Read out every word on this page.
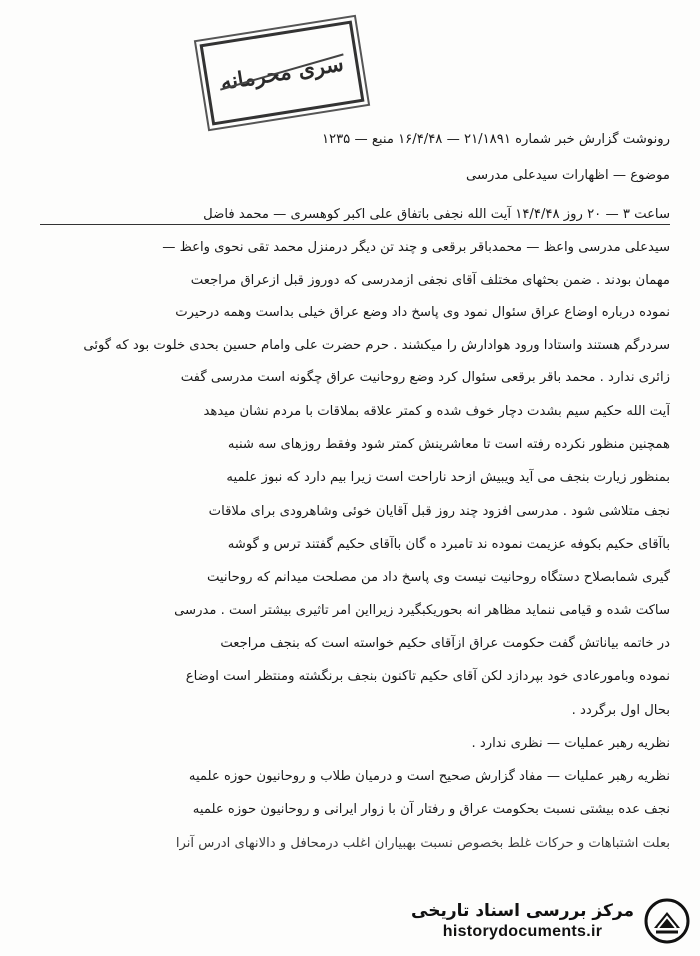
سری محرمانه
رونوشت گزارش خبر شماره ۲۱/۱۸۹۱ — ۱۶/۴/۴۸ منبع — ۱۲۳۵
موضوع — اظهارات سیدعلی مدرسی
ساعت ۳ — ۲۰ روز ۱۴/۴/۴۸ آیت الله نجفی باتفاق علی اکبر کوهسری — محمد فاضل
سیدعلی مدرسی واعظ — محمدباقر برقعی و چند تن دیگر درمنزل محمد تقی نحوی واعظ —
مهمان بودند . ضمن بحثهای مختلف آقای نجفی ازمدرسی که دوروز قبل ازعراق مراجعت
نموده درباره اوضاع عراق سئوال نمود وی پاسخ داد وضع عراق خیلی بداست وهمه درحیرت
سردرگم هستند واستادا ورود هوادارش را میکشند . حرم حضرت علی وامام حسین بحدی خلوت بود که گوئی
زائری ندارد . محمد باقر برقعی سئوال کرد وضع روحانیت عراق چگونه است مدرسی گفت
آیت الله حکیم سیم بشدت دچار خوف شده و کمتر علاقه بملاقات با مردم نشان میدهد
همچنین منظور نکرده رفته است تا معاشرینش کمتر شود وفقط روزهای سه شنبه
بمنظور زیارت بنجف می آید ویبیش ازحد ناراحت است زیرا بیم دارد که نبوز علمیه
نجف متلاشی شود . مدرسی افزود چند روز قبل آقایان خوئی وشاهرودی برای ملاقات
باآقای حکیم بکوفه عزیمت نموده ند تامبرد ه گان باآقای حکیم گفتند ترس و گوشه
گیری شمابصلاح دستگاه روحانیت نیست وی پاسخ داد من مصلحت میدانم که روحانیت
ساکت شده و قیامی ننماید مظاهر انه بحوریکبگیرد زیرااین امر تاثیری بیشتر است . مدرسی
در خاتمه بیاناتش گفت حکومت عراق ازآقای حکیم خواسته است که بنجف مراجعت
نموده وبامورعادی خود بپردازد لکن آقای حکیم تاکنون بنجف برنگشته ومنتظر است اوضاع
بحال اول برگردد .
نظریه رهبر عملیات — نظری ندارد .
نظریه رهبر عملیات — مفاد گزارش صحیح است و درمیان طلاب و روحانیون حوزه علمیه
نجف عده بیشتی نسبت بحکومت عراق و رفتار آن با زوار ایرانی و روحانیون حوزه علمیه
بعلت اشتباهات و حرکات غلط بخصوص نسبت بهبیاران اغلب درمحافل و دالانهای ادرس آنرا
مرکز بررسی اسناد تاریخی
historydocuments.ir
